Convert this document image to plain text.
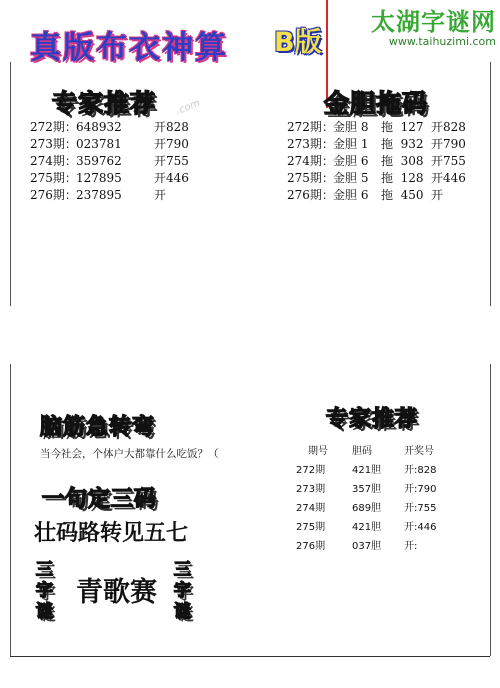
真版布衣神算 B版
太湖字谜网
www.taihuzimi.com
专家推荐 .com
272期： 648932	开828
273期： 023781	开790
274期： 359762	开755
275期： 127895	开446
276期： 237895	开
金胆拖码
272期： 金胆 8	拖  127 开828
273期： 金胆 1	拖  932 开790
274期： 金胆 6	拖  308 开755
275期： 金胆 5	拖  128 开446
276期： 金胆 6	拖  450 开
脑筋急转弯
当今社会，个体户大都靠什么吃饭？（
一句定三码
壮码路转见五七
三
字
谜
青歌赛
三
字
谜
专家推荐
期号	胆码	开奖号
272期	421胆	开:828
273期	357胆	开:790
274期	689胆	开:755
275期	421胆	开:446
276期	037胆	开:
